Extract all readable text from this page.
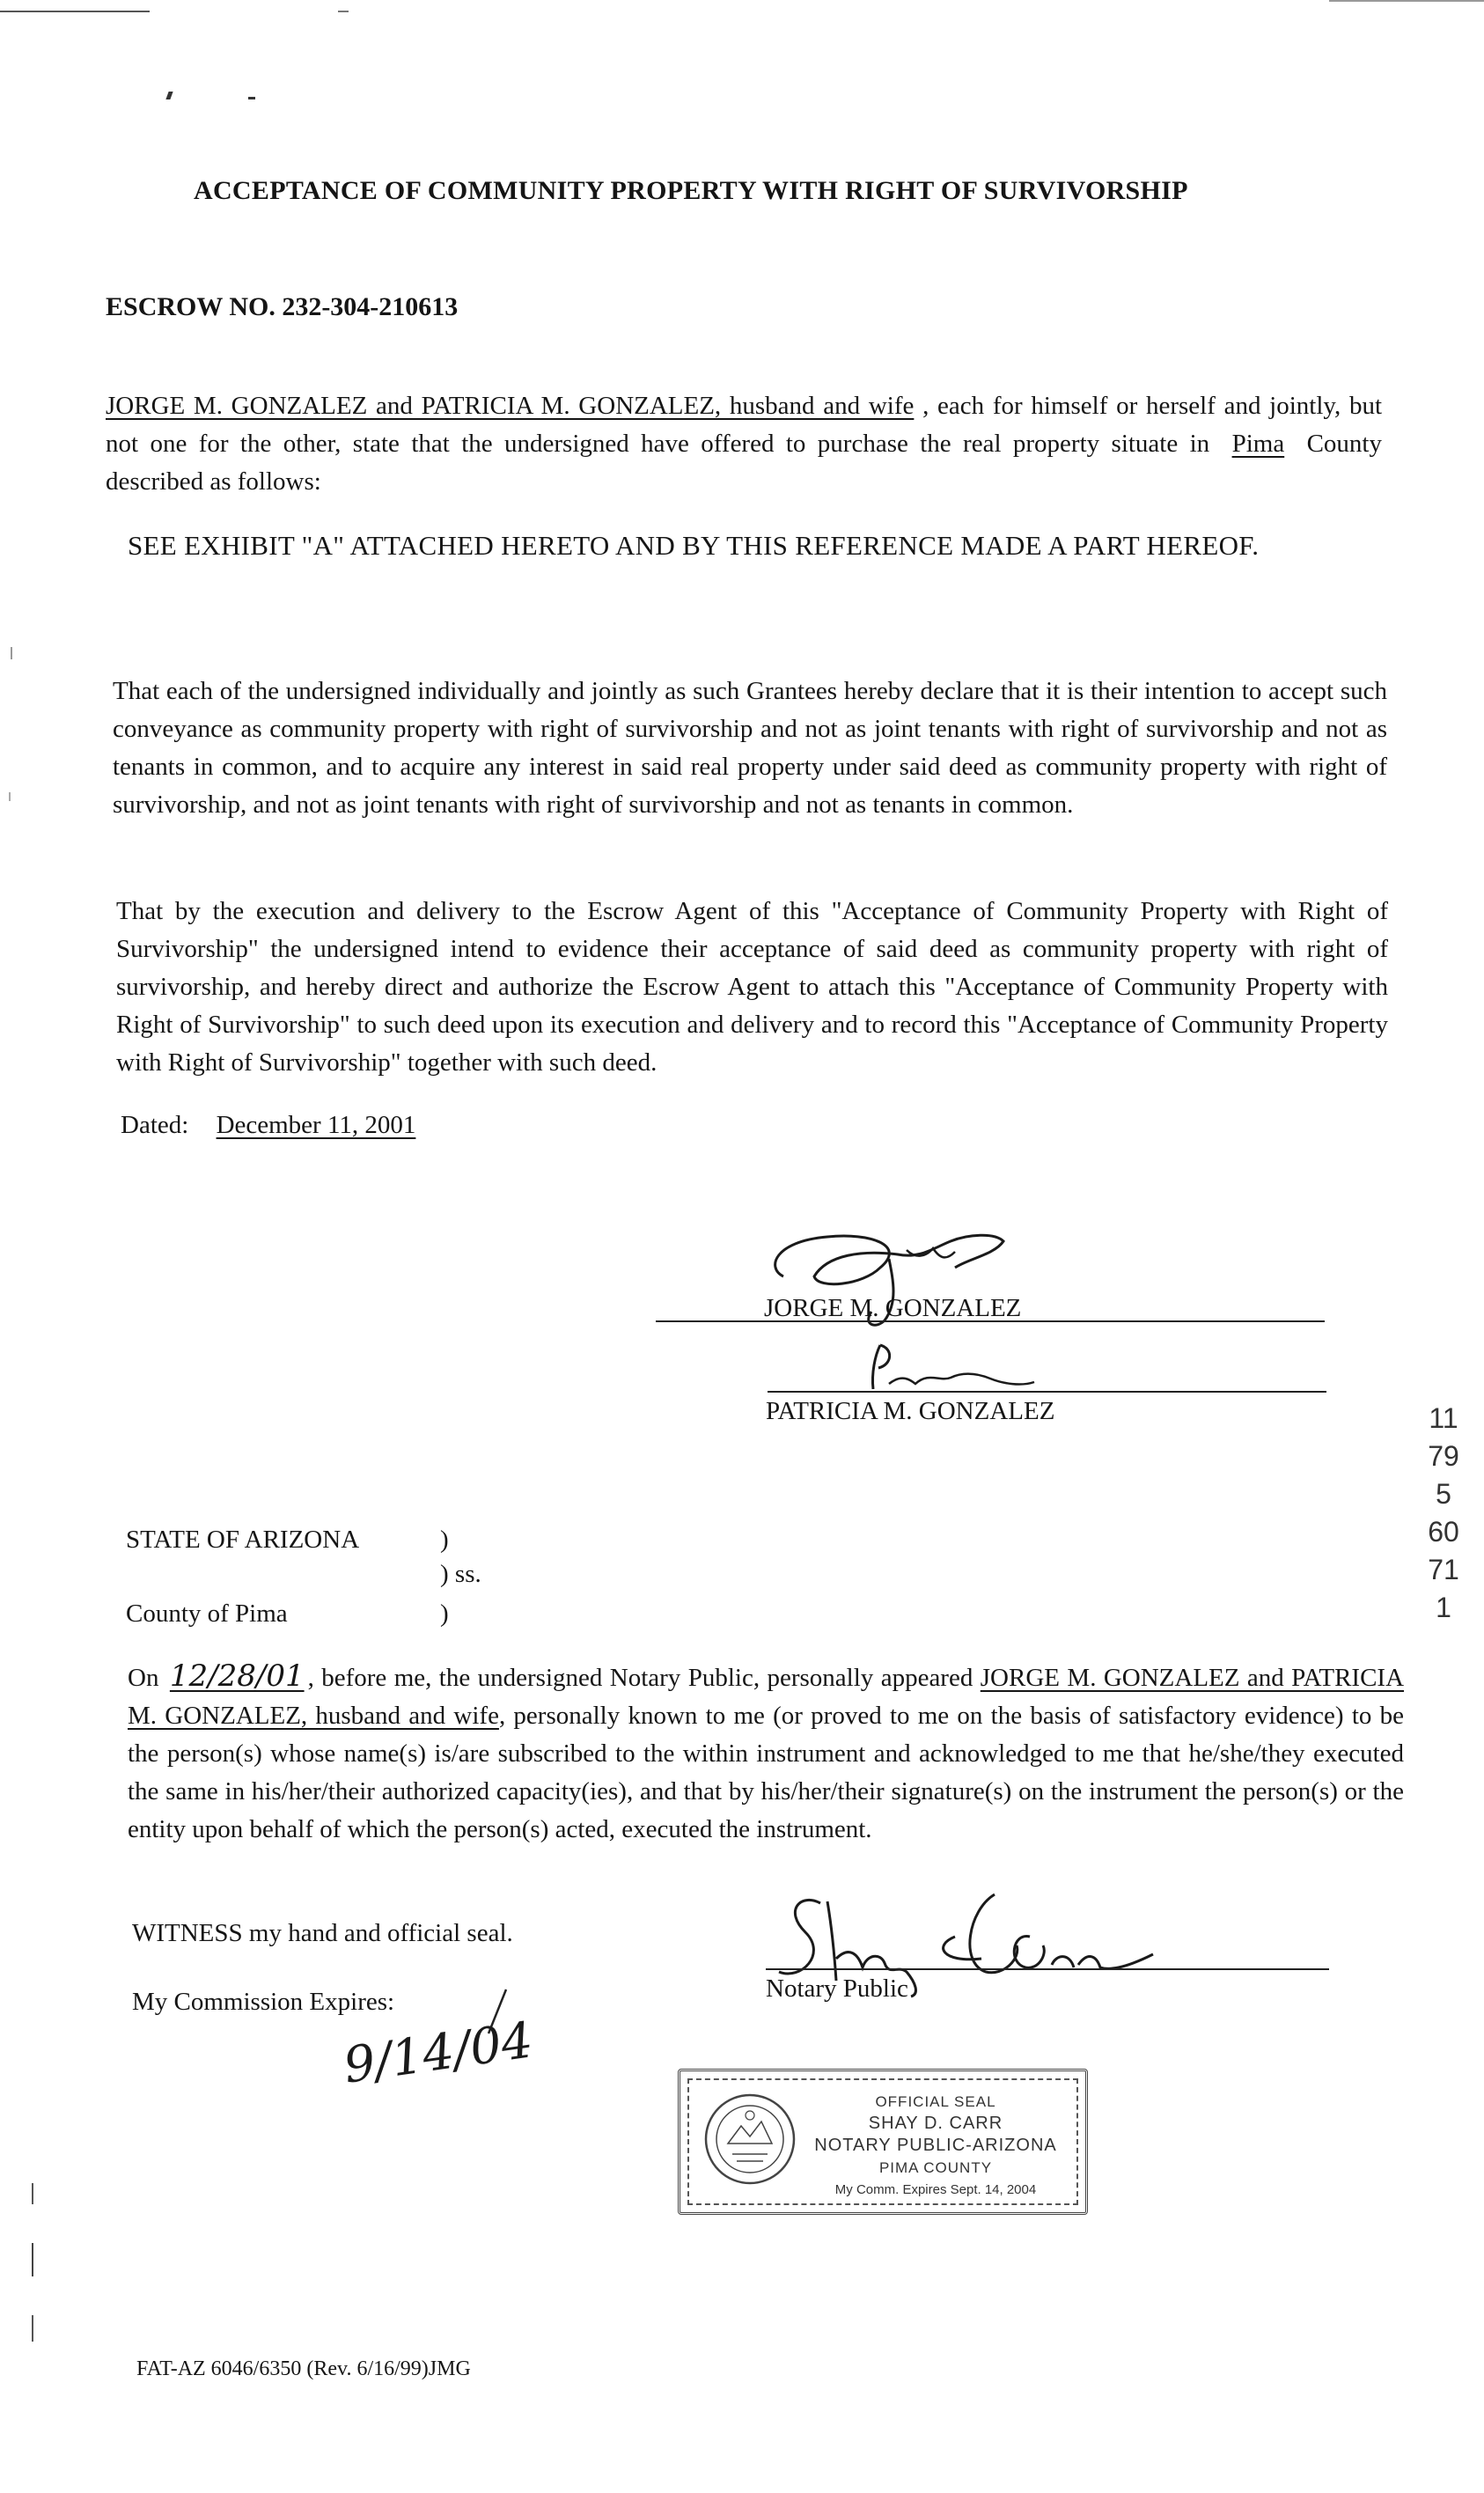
ACCEPTANCE OF COMMUNITY PROPERTY WITH RIGHT OF SURVIVORSHIP
ESCROW NO. 232-304-210613
JORGE M. GONZALEZ and PATRICIA M. GONZALEZ, husband and wife , each for himself or herself and jointly, but not one for the other, state that the undersigned have offered to purchase the real property situate in Pima County described as follows:
SEE EXHIBIT "A" ATTACHED HERETO AND BY THIS REFERENCE MADE A PART HEREOF.
That each of the undersigned individually and jointly as such Grantees hereby declare that it is their intention to accept such conveyance as community property with right of survivorship and not as joint tenants with right of survivorship and not as tenants in common, and to acquire any interest in said real property under said deed as community property with right of survivorship, and not as joint tenants with right of survivorship and not as tenants in common.
That by the execution and delivery to the Escrow Agent of this "Acceptance of Community Property with Right of Survivorship" the undersigned intend to evidence their acceptance of said deed as community property with right of survivorship, and hereby direct and authorize the Escrow Agent to attach this "Acceptance of Community Property with Right of Survivorship" to such deed upon its execution and delivery and to record this "Acceptance of Community Property with Right of Survivorship" together with such deed.
Dated: December 11, 2001
JORGE M. GONZALEZ
PATRICIA M. GONZALEZ
STATE OF ARIZONA	)
) ss.
County of Pima	)
On 12/28/01 , before me, the undersigned Notary Public, personally appeared JORGE M. GONZALEZ and PATRICIA M. GONZALEZ, husband and wife, personally known to me (or proved to me on the basis of satisfactory evidence) to be the person(s) whose name(s) is/are subscribed to the within instrument and acknowledged to me that he/she/they executed the same in his/her/their authorized capacity(ies), and that by his/her/their signature(s) on the instrument the person(s) or the entity upon behalf of which the person(s) acted, executed the instrument.
WITNESS my hand and official seal.
Notary Public
My Commission Expires:
9/14/04
OFFICIAL SEAL
SHAY D. CARR
NOTARY PUBLIC-ARIZONA
PIMA COUNTY
My Comm. Expires Sept. 14, 2004
11795 60711
FAT-AZ 6046/6350 (Rev. 6/16/99)JMG
